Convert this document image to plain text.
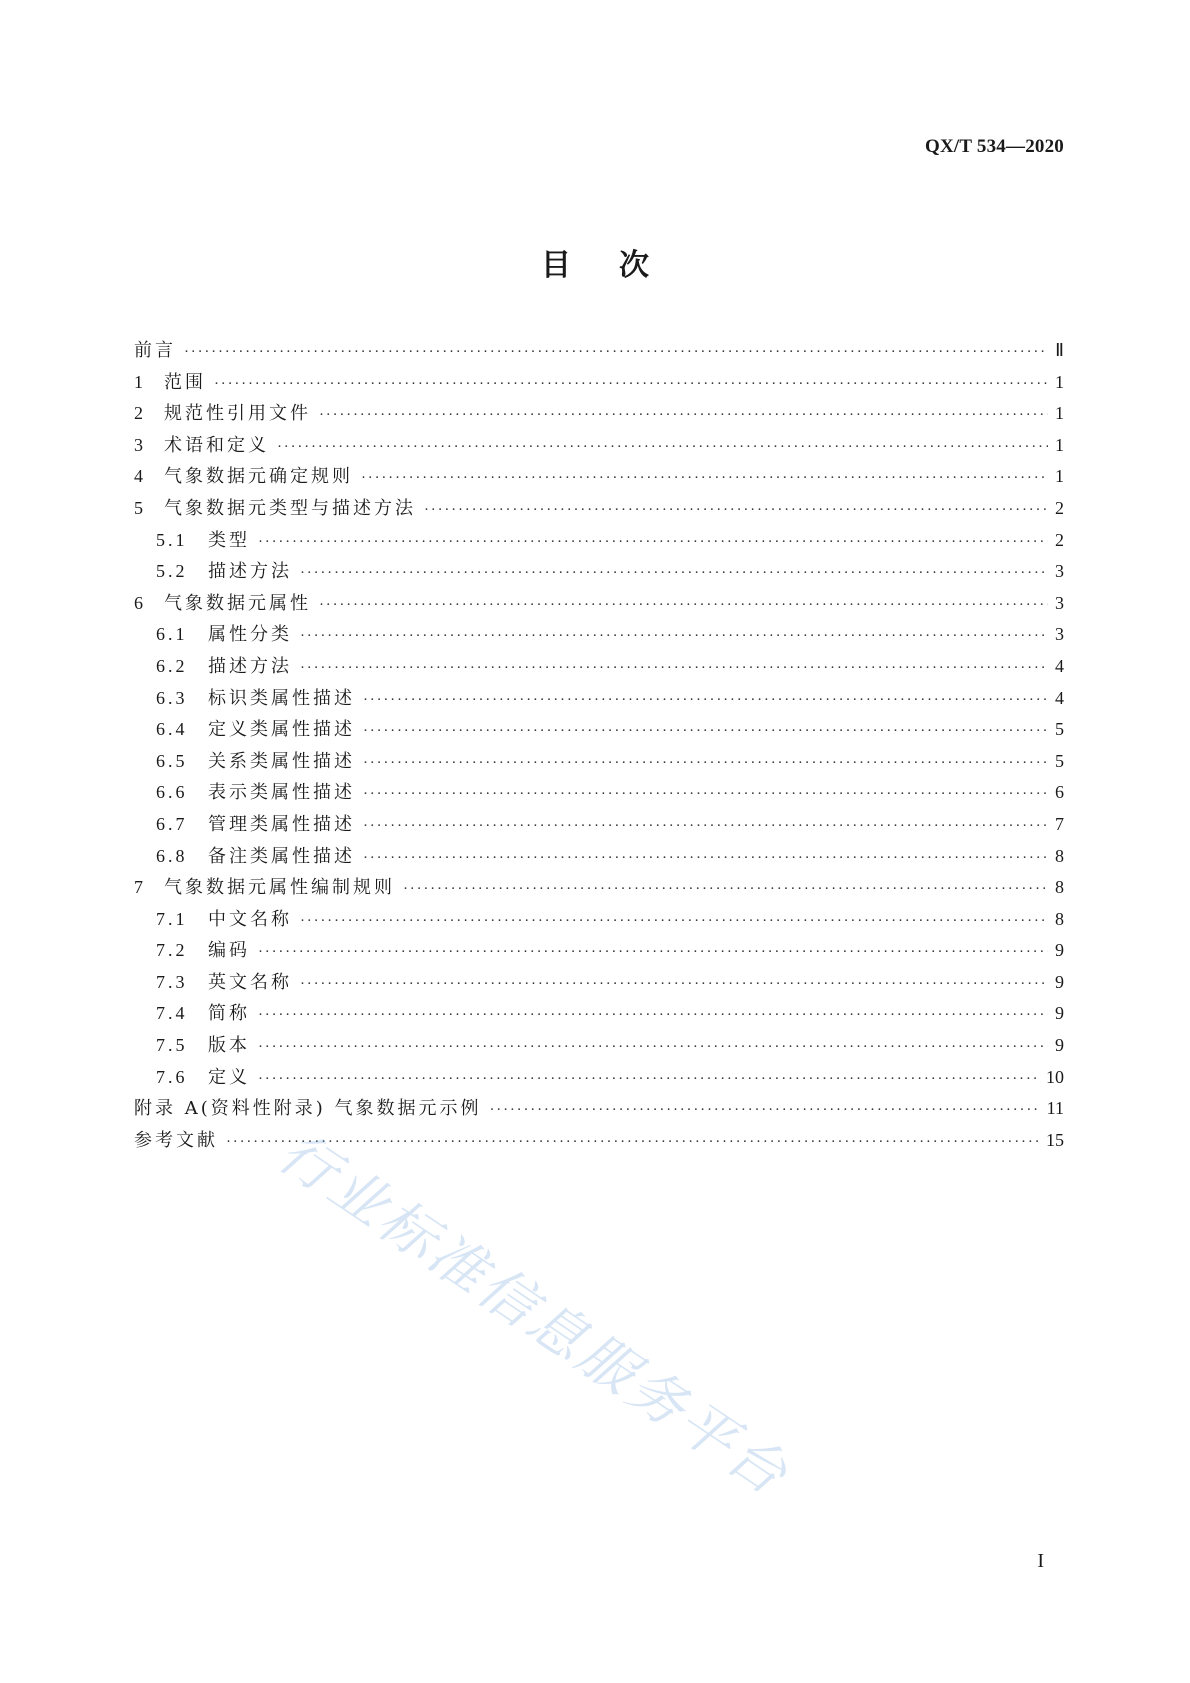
QX/T 534—2020
目次
前言 ·····	Ⅱ
1	范围 ·····	1
2	规范性引用文件 ·····	1
3	术语和定义 ·····	1
4	气象数据元确定规则 ·····	1
5	气象数据元类型与描述方法 ·····	2
5.1	类型 ·····	2
5.2	描述方法 ·····	3
6	气象数据元属性 ·····	3
6.1	属性分类 ·····	3
6.2	描述方法 ·····	4
6.3	标识类属性描述 ·····	4
6.4	定义类属性描述 ·····	5
6.5	关系类属性描述 ·····	5
6.6	表示类属性描述 ·····	6
6.7	管理类属性描述 ·····	7
6.8	备注类属性描述 ·····	8
7	气象数据元属性编制规则 ·····	8
7.1	中文名称 ·····	8
7.2	编码 ·····	9
7.3	英文名称 ·····	9
7.4	简称 ·····	9
7.5	版本 ·····	9
7.6	定义 ·····	10
附录 A(资料性附录) 气象数据元示例 ·····	11
参考文献 ·····	15
I
行业标准信息服务平台
